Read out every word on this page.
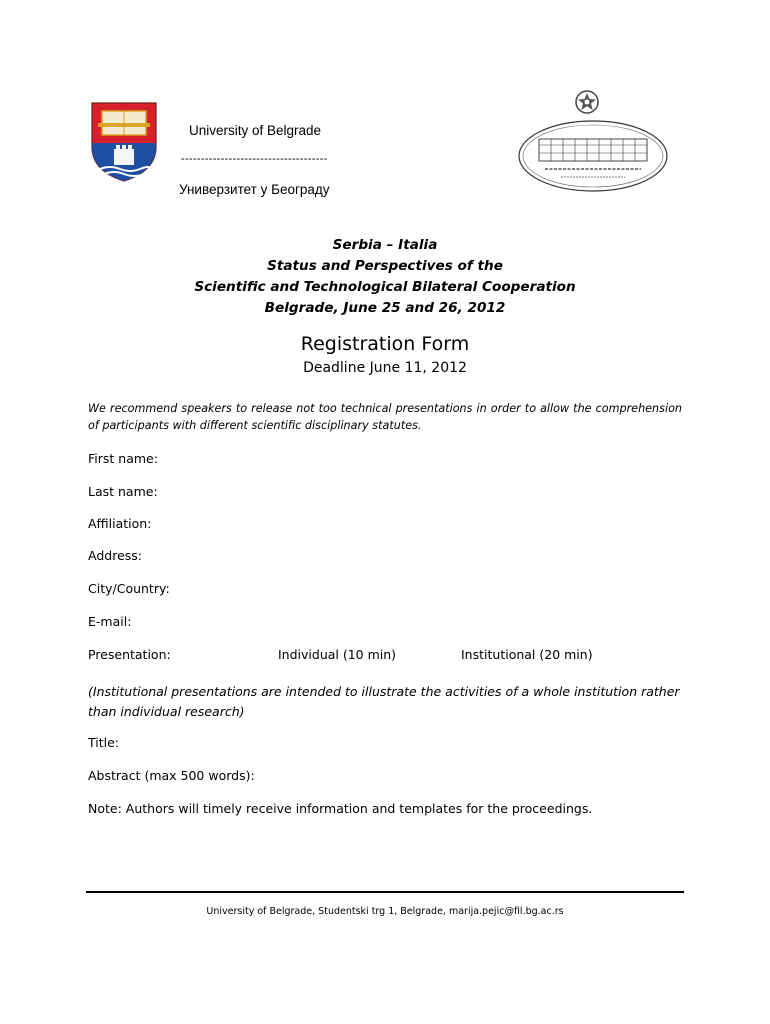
University of Belgrade
-------------------------------------
Универзитет у Београду
Serbia – Italia
Status and Perspectives of the
Scientific and Technological Bilateral Cooperation
Belgrade, June 25 and 26, 2012
Registration Form
Deadline June 11, 2012
We recommend speakers to release not too technical presentations in order to allow the comprehension of participants with different scientific disciplinary statutes.
First name:
Last name:
Affiliation:
Address:
City/Country:
E-mail:
Presentation:	Individual (10 min)	Institutional (20 min)
(Institutional presentations are intended to illustrate the activities of a whole institution rather than individual research)
Title:
Abstract (max 500 words):
Note: Authors will timely receive information and templates for the proceedings.
University of Belgrade, Studentski trg 1, Belgrade, marija.pejic@fil.bg.ac.rs
